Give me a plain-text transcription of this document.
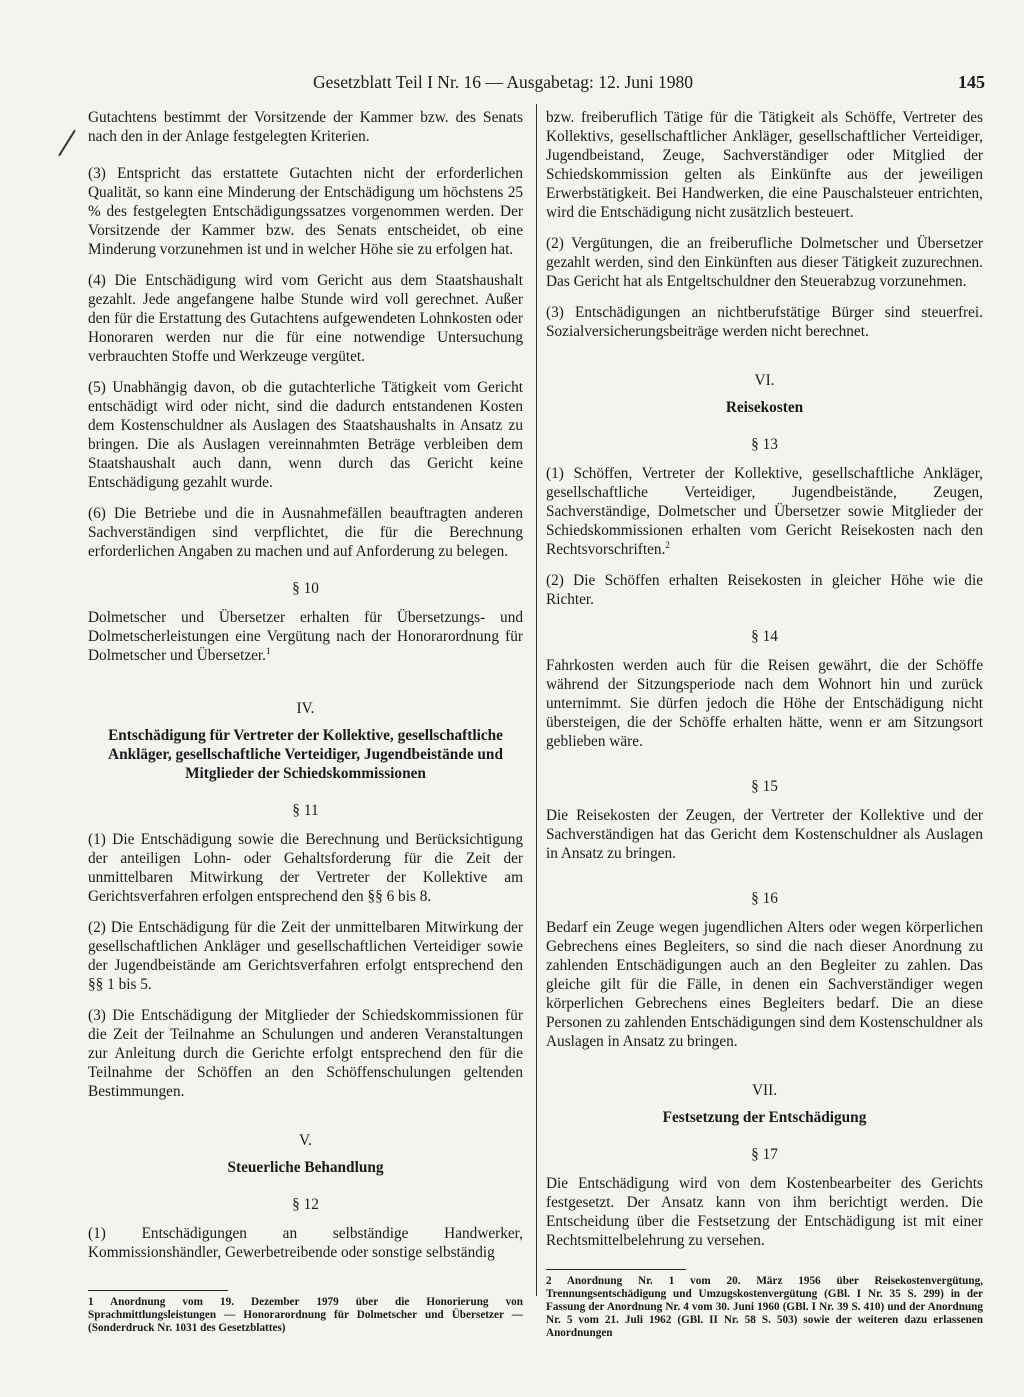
Gesetzblatt Teil I Nr. 16 — Ausgabetag: 12. Juni 1980	145

Gutachtens bestimmt der Vorsitzende der Kammer bzw. des Senats nach den in der Anlage festgelegten Kriterien.

(3) Entspricht das erstattete Gutachten nicht der erforderlichen Qualität, so kann eine Minderung der Entschädigung um höchstens 25 % des festgelegten Entschädigungssatzes vorgenommen werden. Der Vorsitzende der Kammer bzw. des Senats entscheidet, ob eine Minderung vorzunehmen ist und in welcher Höhe sie zu erfolgen hat.

(4) Die Entschädigung wird vom Gericht aus dem Staatshaushalt gezahlt. Jede angefangene halbe Stunde wird voll gerechnet. Außer den für die Erstattung des Gutachtens aufgewendeten Lohnkosten oder Honoraren werden nur die für eine notwendige Untersuchung verbrauchten Stoffe und Werkzeuge vergütet.

(5) Unabhängig davon, ob die gutachterliche Tätigkeit vom Gericht entschädigt wird oder nicht, sind die dadurch entstandenen Kosten dem Kostenschuldner als Auslagen des Staatshaushalts in Ansatz zu bringen. Die als Auslagen vereinnahmten Beträge verbleiben dem Staatshaushalt auch dann, wenn durch das Gericht keine Entschädigung gezahlt wurde.

(6) Die Betriebe und die in Ausnahmefällen beauftragten anderen Sachverständigen sind verpflichtet, die für die Berechnung erforderlichen Angaben zu machen und auf Anforderung zu belegen.

§ 10

Dolmetscher und Übersetzer erhalten für Übersetzungs- und Dolmetscherleistungen eine Vergütung nach der Honorarordnung für Dolmetscher und Übersetzer.$^1$

IV.

Entschädigung für Vertreter der Kollektive, gesellschaftliche Ankläger, gesellschaftliche Verteidiger, Jugendbeistände und Mitglieder der Schiedskommissionen

§ 11

(1) Die Entschädigung sowie die Berechnung und Berücksichtigung der anteiligen Lohn- oder Gehaltsforderung für die Zeit der unmittelbaren Mitwirkung der Vertreter der Kollektive am Gerichtsverfahren erfolgen entsprechend den §§ 6 bis 8.

(2) Die Entschädigung für die Zeit der unmittelbaren Mitwirkung der gesellschaftlichen Ankläger und gesellschaftlichen Verteidiger sowie der Jugendbeistände am Gerichtsverfahren erfolgt entsprechend den §§ 1 bis 5.

(3) Die Entschädigung der Mitglieder der Schiedskommissionen für die Zeit der Teilnahme an Schulungen und anderen Veranstaltungen zur Anleitung durch die Gerichte erfolgt entsprechend den für die Teilnahme der Schöffen an den Schöffenschulungen geltenden Bestimmungen.

V.

Steuerliche Behandlung

§ 12

(1) Entschädigungen an selbständige Handwerker, Kommissionshändler, Gewerbetreibende oder sonstige selbständig

1 Anordnung vom 19. Dezember 1979 über die Honorierung von Sprachmittlungsleistungen — Honorarordnung für Dolmetscher und Übersetzer — (Sonderdruck Nr. 1031 des Gesetzblattes)

bzw. freiberuflich Tätige für die Tätigkeit als Schöffe, Vertreter des Kollektivs, gesellschaftlicher Ankläger, gesellschaftlicher Verteidiger, Jugendbeistand, Zeuge, Sachverständiger oder Mitglied der Schiedskommission gelten als Einkünfte aus der jeweiligen Erwerbstätigkeit. Bei Handwerken, die eine Pauschalsteuer entrichten, wird die Entschädigung nicht zusätzlich besteuert.

(2) Vergütungen, die an freiberufliche Dolmetscher und Übersetzer gezahlt werden, sind den Einkünften aus dieser Tätigkeit zuzurechnen. Das Gericht hat als Entgeltschuldner den Steuerabzug vorzunehmen.

(3) Entschädigungen an nichtberufstätige Bürger sind steuerfrei. Sozialversicherungsbeiträge werden nicht berechnet.

VI.

Reisekosten

§ 13

(1) Schöffen, Vertreter der Kollektive, gesellschaftliche Ankläger, gesellschaftliche Verteidiger, Jugendbeistände, Zeugen, Sachverständige, Dolmetscher und Übersetzer sowie Mitglieder der Schiedskommissionen erhalten vom Gericht Reisekosten nach den Rechtsvorschriften.$^2$

(2) Die Schöffen erhalten Reisekosten in gleicher Höhe wie die Richter.

§ 14

Fahrkosten werden auch für die Reisen gewährt, die der Schöffe während der Sitzungsperiode nach dem Wohnort hin und zurück unternimmt. Sie dürfen jedoch die Höhe der Entschädigung nicht übersteigen, die der Schöffe erhalten hätte, wenn er am Sitzungsort geblieben wäre.

§ 15

Die Reisekosten der Zeugen, der Vertreter der Kollektive und der Sachverständigen hat das Gericht dem Kostenschuldner als Auslagen in Ansatz zu bringen.

§ 16

Bedarf ein Zeuge wegen jugendlichen Alters oder wegen körperlichen Gebrechens eines Begleiters, so sind die nach dieser Anordnung zu zahlenden Entschädigungen auch an den Begleiter zu zahlen. Das gleiche gilt für die Fälle, in denen ein Sachverständiger wegen körperlichen Gebrechens eines Begleiters bedarf. Die an diese Personen zu zahlenden Entschädigungen sind dem Kostenschuldner als Auslagen in Ansatz zu bringen.

VII.

Festsetzung der Entschädigung

§ 17

Die Entschädigung wird von dem Kostenbearbeiter des Gerichts festgesetzt. Der Ansatz kann von ihm berichtigt werden. Die Entscheidung über die Festsetzung der Entschädigung ist mit einer Rechtsmittelbelehrung zu versehen.

2 Anordnung Nr. 1 vom 20. März 1956 über Reisekostenvergütung, Trennungsentschädigung und Umzugskostenvergütung (GBl. I Nr. 35 S. 299) in der Fassung der Anordnung Nr. 4 vom 30. Juni 1960 (GBl. I Nr. 39 S. 410) und der Anordnung Nr. 5 vom 21. Juli 1962 (GBl. II Nr. 58 S. 503) sowie der weiteren dazu erlassenen Anordnungen
